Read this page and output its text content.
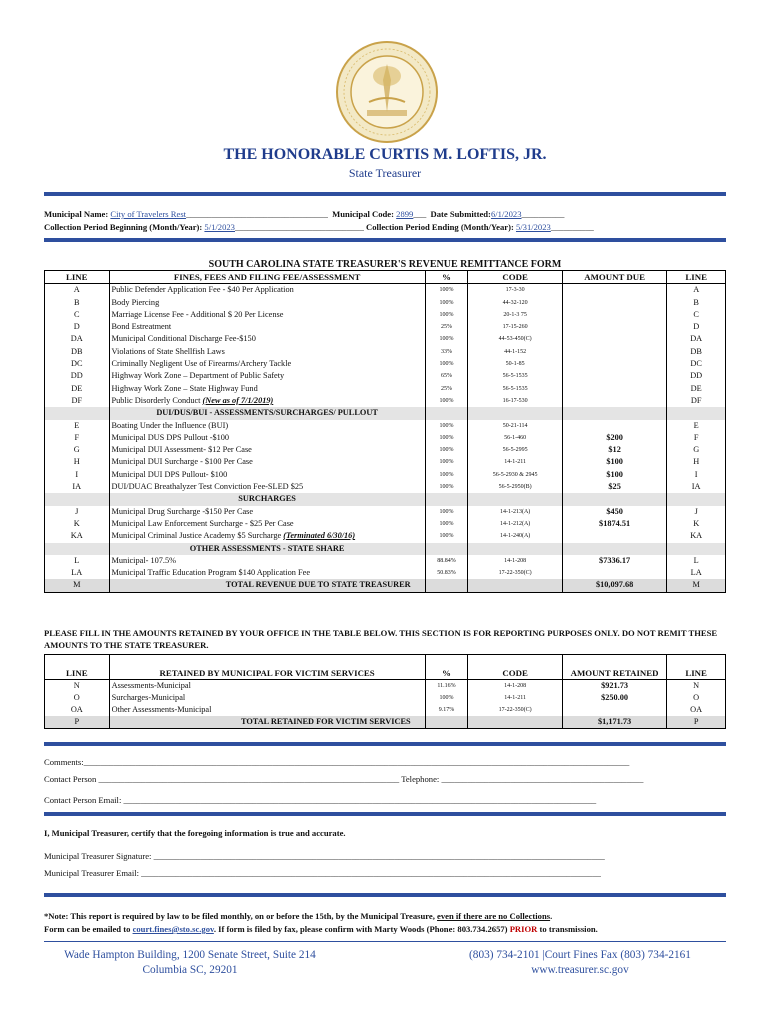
THE HONORABLE CURTIS M. LOFTIS, JR.
State Treasurer
Municipal Name: City of Travelers Rest_________________________________ Municipal Code: 2899___ Date Submitted:6/1/2023__________
Collection Period Beginning (Month/Year): 5/1/2023______________________________ Collection Period Ending (Month/Year): 5/31/2023__________
SOUTH CAROLINA STATE TREASURER'S REVENUE REMITTANCE FORM
LINE	FINES, FEES AND FILING FEE/ASSESSMENT	%	CODE	AMOUNT DUE	LINE
A	Public Defender Application Fee - $40 Per Application	100%	17-3-30		A
B	Body Piercing	100%	44-32-120		B
C	Marriage License Fee - Additional $ 20 Per License	100%	20-1-3 75		C
D	Bond Estreatment	25%	17-15-260		D
DA	Municipal Conditional Discharge Fee-$150	100%	44-53-450(C)		DA
DB	Violations of State Shellfish Laws	33%	44-1-152		DB
DC	Criminally Negligent Use of Firearms/Archery Tackle	100%	50-1-85		DC
DD	Highway Work Zone – Department of Public Safety	65%	56-5-1535		DD
DE	Highway Work Zone – State Highway Fund	25%	56-5-1535		DE
DF	Public Disorderly Conduct (New as of 7/1/2019)	100%	16-17-530		DF
	DUI/DUS/BUI - ASSESSMENTS/SURCHARGES/ PULLOUT				
E	Boating Under the Influence (BUI)	100%	50-21-114		E
F	Municipal DUS DPS Pullout -$100	100%	56-1-460	$200	F
G	Municipal DUI Assessment- $12 Per Case	100%	56-5-2995	$12	G
H	Municipal DUI Surcharge - $100 Per Case	100%	14-1-211	$100	H
I	Municipal DUI DPS Pullout- $100	100%	56-5-2930 & 2945	$100	I
IA	DUI/DUAC Breathalyzer Test Conviction Fee-SLED $25	100%	56-5-2950(B)	$25	IA
	SURCHARGES				
J	Municipal Drug Surcharge -$150 Per Case	100%	14-1-213(A)	$450	J
K	Municipal Law Enforcement Surcharge - $25 Per Case	100%	14-1-212(A)	$1874.51	K
KA	Municipal Criminal Justice Academy $5 Surcharge (Terminated 6/30/16)	100%	14-1-240(A)		KA
	OTHER ASSESSMENTS - STATE SHARE				
L	Municipal- 107.5%	88.84%	14-1-208	$7336.17	L
LA	Municipal Traffic Education Program $140 Application Fee	50.83%	17-22-350(C)		LA
M	TOTAL REVENUE DUE TO STATE TREASURER			$10,097.68	M
PLEASE FILL IN THE AMOUNTS RETAINED BY YOUR OFFICE IN THE TABLE BELOW. THIS SECTION IS FOR REPORTING PURPOSES ONLY. DO NOT REMIT THESE AMOUNTS TO THE STATE TREASURER.
LINE	RETAINED BY MUNICIPAL FOR VICTIM SERVICES	%	CODE	AMOUNT RETAINED	LINE
N	Assessments-Municipal	11.16%	14-1-208	$921.73	N
O	Surcharges-Municipal	100%	14-1-211	$250.00	O
OA	Other Assessments-Municipal	9.17%	17-22-350(C)		OA
P	TOTAL RETAINED FOR VICTIM SERVICES			$1,171.73	P
Comments:_______________________________________________________________________________________________________________________________
Contact Person ______________________________________________________________________ Telephone: _______________________________________________
Contact Person Email: ______________________________________________________________________________________________________________
I, Municipal Treasurer, certify that the foregoing information is true and accurate.
Municipal Treasurer Signature: _________________________________________________________________________________________________________
Municipal Treasurer Email: ___________________________________________________________________________________________________________
*Note: This report is required by law to be filed monthly, on or before the 15th, by the Municipal Treasure, even if there are no Collections.
Form can be emailed to court.fines@sto.sc.gov. If form is filed by fax, please confirm with Marty Woods (Phone: 803.734.2657) PRIOR to transmission.
Wade Hampton Building, 1200 Senate Street, Suite 214
Columbia SC, 29201
(803) 734-2101 |Court Fines Fax (803) 734-2161
www.treasurer.sc.gov
